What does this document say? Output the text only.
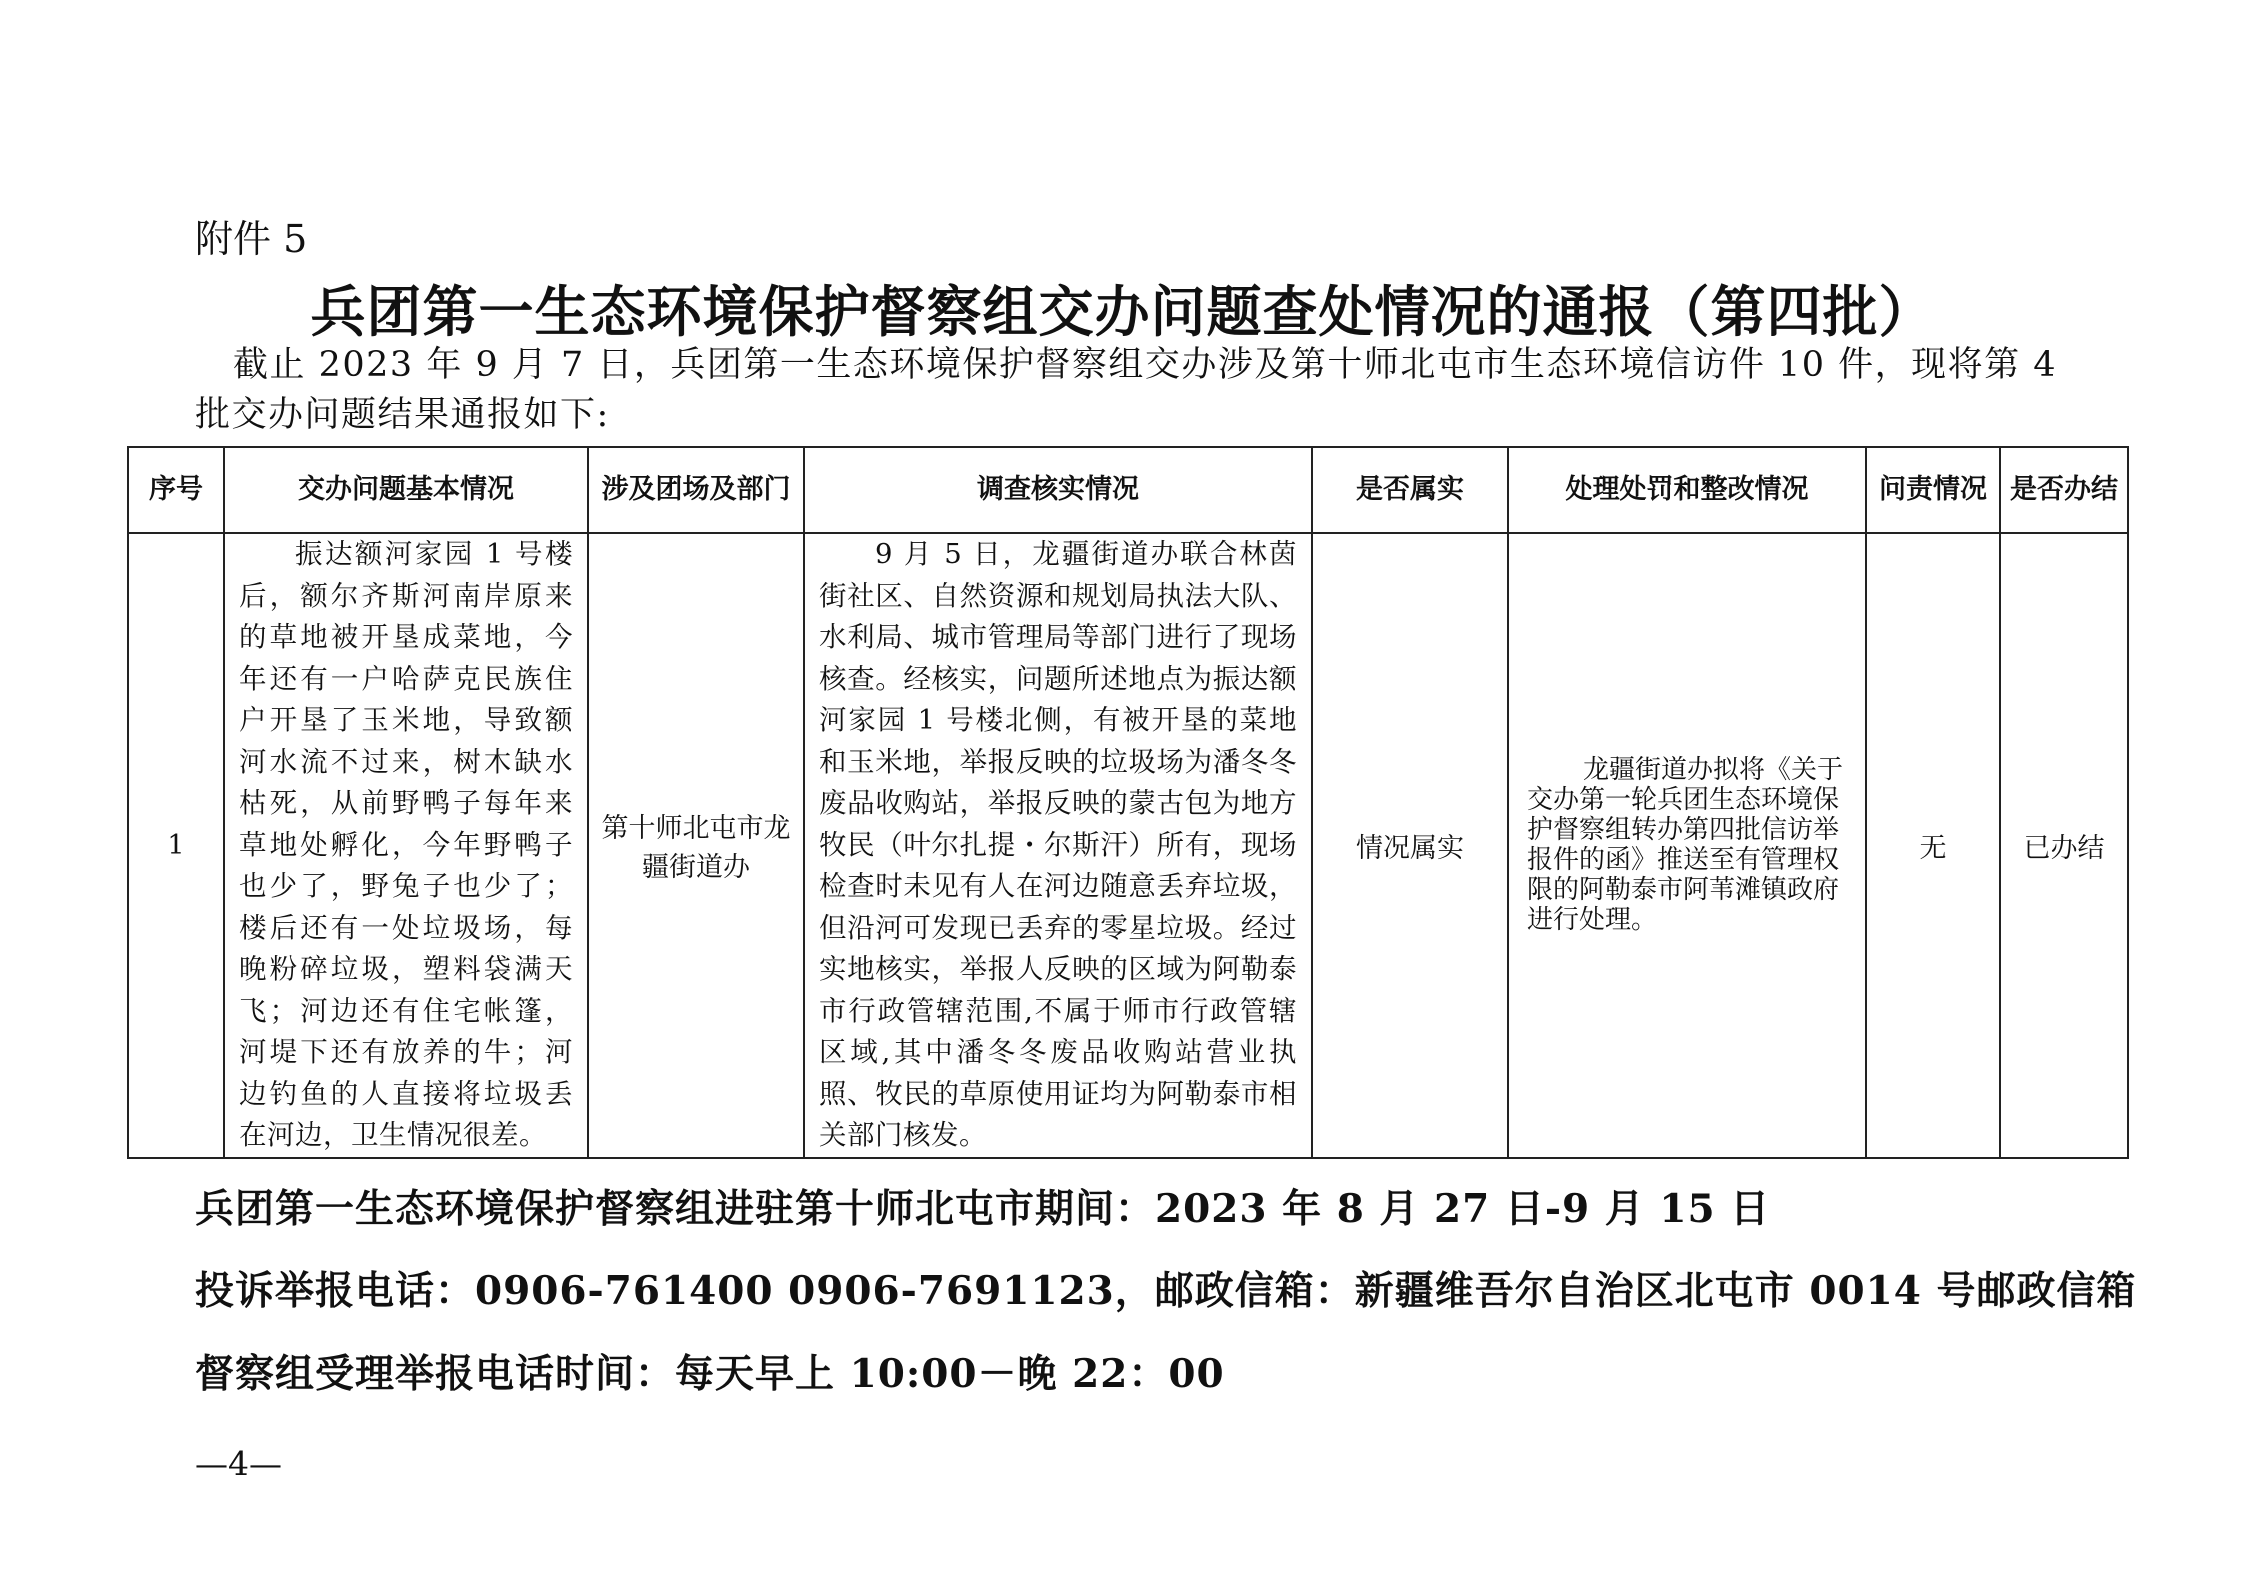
附件 5
兵团第一生态环境保护督察组交办问题查处情况的通报（第四批）
截止 2023 年 9 月 7 日，兵团第一生态环境保护督察组交办涉及第十师北屯市生态环境信访件 10 件，现将第 4 批交办问题结果通报如下:
序号	交办问题基本情况	涉及团场及部门	调查核实情况	是否属实	处理处罚和整改情况	问责情况	是否办结
1	振达额河家园 1 号楼后，额尔齐斯河南岸原来的草地被开垦成菜地，今年还有一户哈萨克民族住户开垦了玉米地，导致额河水流不过来，树木缺水枯死，从前野鸭子每年来草地处孵化，今年野鸭子也少了，野兔子也少了；楼后还有一处垃圾场，每晚粉碎垃圾，塑料袋满天飞；河边还有住宅帐篷，河堤下还有放养的牛；河边钓鱼的人直接将垃圾丢在河边，卫生情况很差。	第十师北屯市龙疆街道办	9 月 5 日，龙疆街道办联合林茵街社区、自然资源和规划局执法大队、水利局、城市管理局等部门进行了现场核查。经核实，问题所述地点为振达额河家园 1 号楼北侧，有被开垦的菜地和玉米地，举报反映的垃圾场为潘冬冬废品收购站，举报反映的蒙古包为地方牧民（叶尔扎提・尔斯汗）所有，现场检查时未见有人在河边随意丢弃垃圾，但沿河可发现已丢弃的零星垃圾。经过实地核实，举报人反映的区域为阿勒泰市行政管辖范围,不属于师市行政管辖区域,其中潘冬冬废品收购站营业执照、牧民的草原使用证均为阿勒泰市相关部门核发。	情况属实	龙疆街道办拟将《关于交办第一轮兵团生态环境保护督察组转办第四批信访举报件的函》推送至有管理权限的阿勒泰市阿苇滩镇政府进行处理。	无	已办结
兵团第一生态环境保护督察组进驻第十师北屯市期间：2023 年 8 月 27 日-9 月 15 日
投诉举报电话：0906-761400 0906-7691123，邮政信箱：新疆维吾尔自治区北屯市 0014 号邮政信箱
督察组受理举报电话时间：每天早上 10:00－晚 22：00
—4—
